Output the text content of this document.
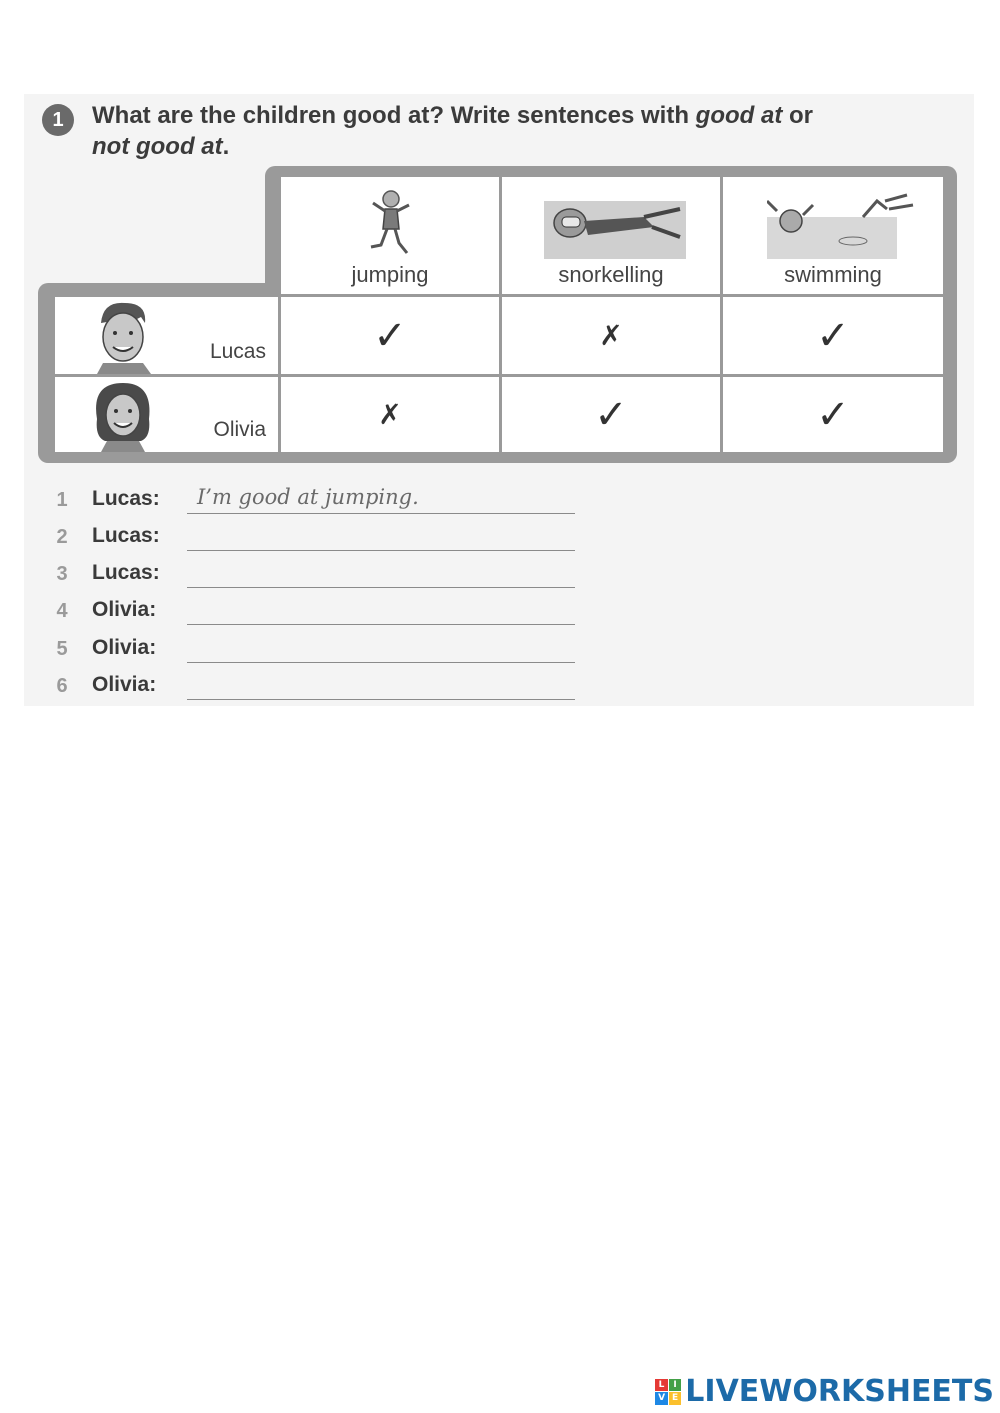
1	What are the children good at? Write sentences with good at or not good at.
jumping	snorkelling	swimming
Lucas	✓	✗	✓
Olivia	✗	✓	✓
1 Lucas: I’m good at jumping.
2 Lucas:
3 Lucas:
4 Olivia:
5 Olivia:
6 Olivia:
L I
V E LIVEWORKSHEETS
